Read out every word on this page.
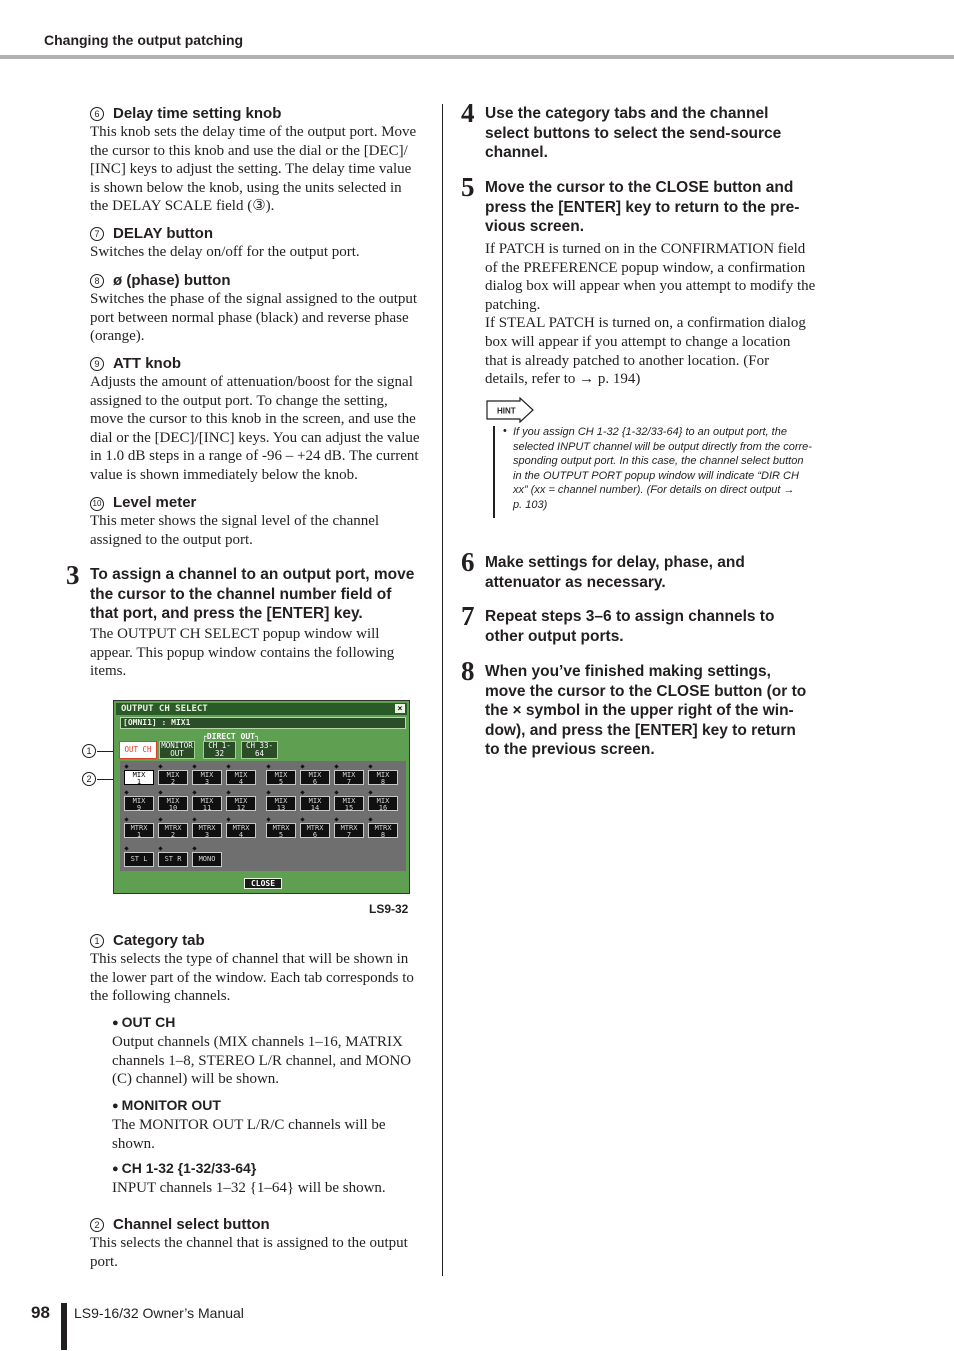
Changing the output patching
6 Delay time setting knob
This knob sets the delay time of the output port. Move
the cursor to this knob and use the dial or the [DEC]/
[INC] keys to adjust the setting. The delay time value
is shown below the knob, using the units selected in
the DELAY SCALE field (③).
7 DELAY button
Switches the delay on/off for the output port.
8 ø (phase) button
Switches the phase of the signal assigned to the output
port between normal phase (black) and reverse phase
(orange).
9 ATT knob
Adjusts the amount of attenuation/boost for the signal
assigned to the output port. To change the setting,
move the cursor to this knob in the screen, and use the
dial or the [DEC]/[INC] keys. You can adjust the value
in 1.0 dB steps in a range of -96 – +24 dB. The current
value is shown immediately below the knob.
10 Level meter
This meter shows the signal level of the channel
assigned to the output port.
3 To assign a channel to an output port, move
the cursor to the channel number field of
that port, and press the [ENTER] key.
The OUTPUT CH SELECT popup window will
appear. This popup window contains the following
items.
1
2
OUTPUT CH SELECT	×
[OMNI1] : MIX1
┌DIRECT OUT┐
OUT CH	MONITOR OUT
CH 1-32
CH 33-64
MIX
1
MIX
2
MIX
3
MIX
4
MIX
5
MIX
6
MIX
7
MIX
8
MIX
9
MIX
10
MIX
11
MIX
12
MIX
13
MIX
14
MIX
15
MIX
16
MTRX
1
MTRX
2
MTRX
3
MTRX
4
MTRX
5
MTRX
6
MTRX
7
MTRX
8
ST L	ST R	MONO
CLOSE
LS9-32
1 Category tab
This selects the type of channel that will be shown in
the lower part of the window. Each tab corresponds to
the following channels.
● OUT CH
Output channels (MIX channels 1–16, MATRIX
channels 1–8, STEREO L/R channel, and MONO
(C) channel) will be shown.
● MONITOR OUT
The MONITOR OUT L/R/C channels will be
shown.
● CH 1-32 {1-32/33-64}
INPUT channels 1–32 {1–64} will be shown.
2 Channel select button
This selects the channel that is assigned to the output
port.
4 Use the category tabs and the channel
select buttons to select the send-source
channel.
5 Move the cursor to the CLOSE button and
press the [ENTER] key to return to the pre-
vious screen.
If PATCH is turned on in the CONFIRMATION field
of the PREFERENCE popup window, a confirmation
dialog box will appear when you attempt to modify the
patching.
If STEAL PATCH is turned on, a confirmation dialog
box will appear if you attempt to change a location
that is already patched to another location. (For
details, refer to → p. 194)
HINT
• If you assign CH 1-32 {1-32/33-64} to an output port, the
selected INPUT channel will be output directly from the corre-
sponding output port. In this case, the channel select button
in the OUTPUT PORT popup window will indicate “DIR CH
xx” (xx = channel number). (For details on direct output →
p. 103)
6 Make settings for delay, phase, and
attenuator as necessary.
7 Repeat steps 3–6 to assign channels to
other output ports.
8 When you’ve finished making settings,
move the cursor to the CLOSE button (or to
the × symbol in the upper right of the win-
dow), and press the [ENTER] key to return
to the previous screen.
98 LS9-16/32 Owner’s Manual
